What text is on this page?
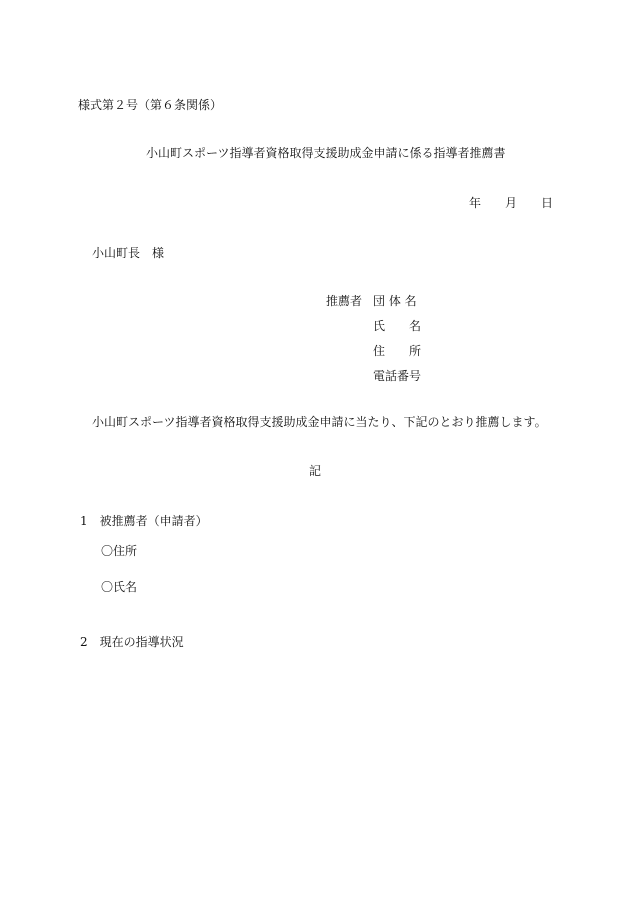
様式第２号（第６条関係）
小山町スポーツ指導者資格取得支援助成金申請に係る指導者推薦書
年　　月　　日
小山町長　様
推薦者 団 体 名
氏　　名
住　　所
電話番号
小山町スポーツ指導者資格取得支援助成金申請に当たり、下記のとおり推薦します。
記
1　被推薦者（申請者）
〇住所
〇氏名
2　現在の指導状況
